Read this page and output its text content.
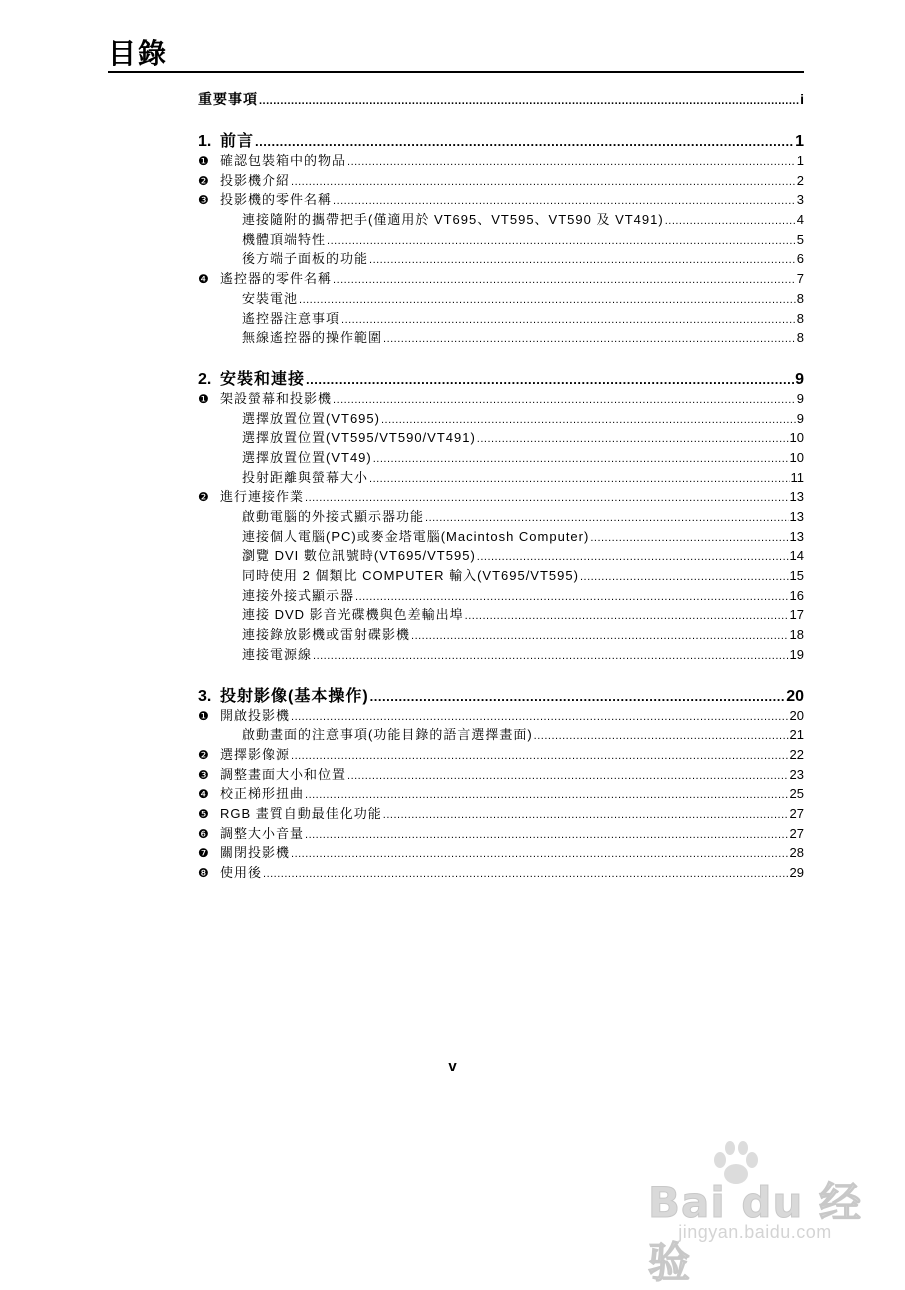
目錄
重要事項 .....	i
1. 前言 .....	1
❶ 確認包裝箱中的物品 .....	1
❷ 投影機介紹 .....	2
❸ 投影機的零件名稱 .....	3
連接隨附的攜帶把手(僅適用於 VT695、VT595、VT590 及 VT491) .....	4
機體頂端特性 .....	5
後方端子面板的功能 .....	6
❹ 遙控器的零件名稱 .....	7
安裝電池 .....	8
遙控器注意事項 .....	8
無線遙控器的操作範圍 .....	8
2. 安裝和連接 .....	9
❶ 架設螢幕和投影機 .....	9
選擇放置位置(VT695) .....	9
選擇放置位置(VT595/VT590/VT491) .....	10
選擇放置位置(VT49) .....	10
投射距離與螢幕大小 .....	11
❷ 進行連接作業 .....	13
啟動電腦的外接式顯示器功能 .....	13
連接個人電腦(PC)或麥金塔電腦(Macintosh Computer) .....	13
瀏覽 DVI 數位訊號時(VT695/VT595) .....	14
同時使用 2 個類比 COMPUTER 輸入(VT695/VT595) .....	15
連接外接式顯示器 .....	16
連接 DVD 影音光碟機與色差輸出埠 .....	17
連接錄放影機或雷射碟影機 .....	18
連接電源線 .....	19
3. 投射影像(基本操作) .....	20
❶ 開啟投影機 .....	20
啟動畫面的注意事項(功能目錄的語言選擇畫面) .....	21
❷ 選擇影像源 .....	22
❸ 調整畫面大小和位置 .....	23
❹ 校正梯形扭曲 .....	25
❺ RGB 畫質自動最佳化功能 .....	27
❻ 調整大小音量 .....	27
❼ 關閉投影機 .....	28
❽ 使用後 .....	29
v
Bai du 经验
jingyan.baidu.com
